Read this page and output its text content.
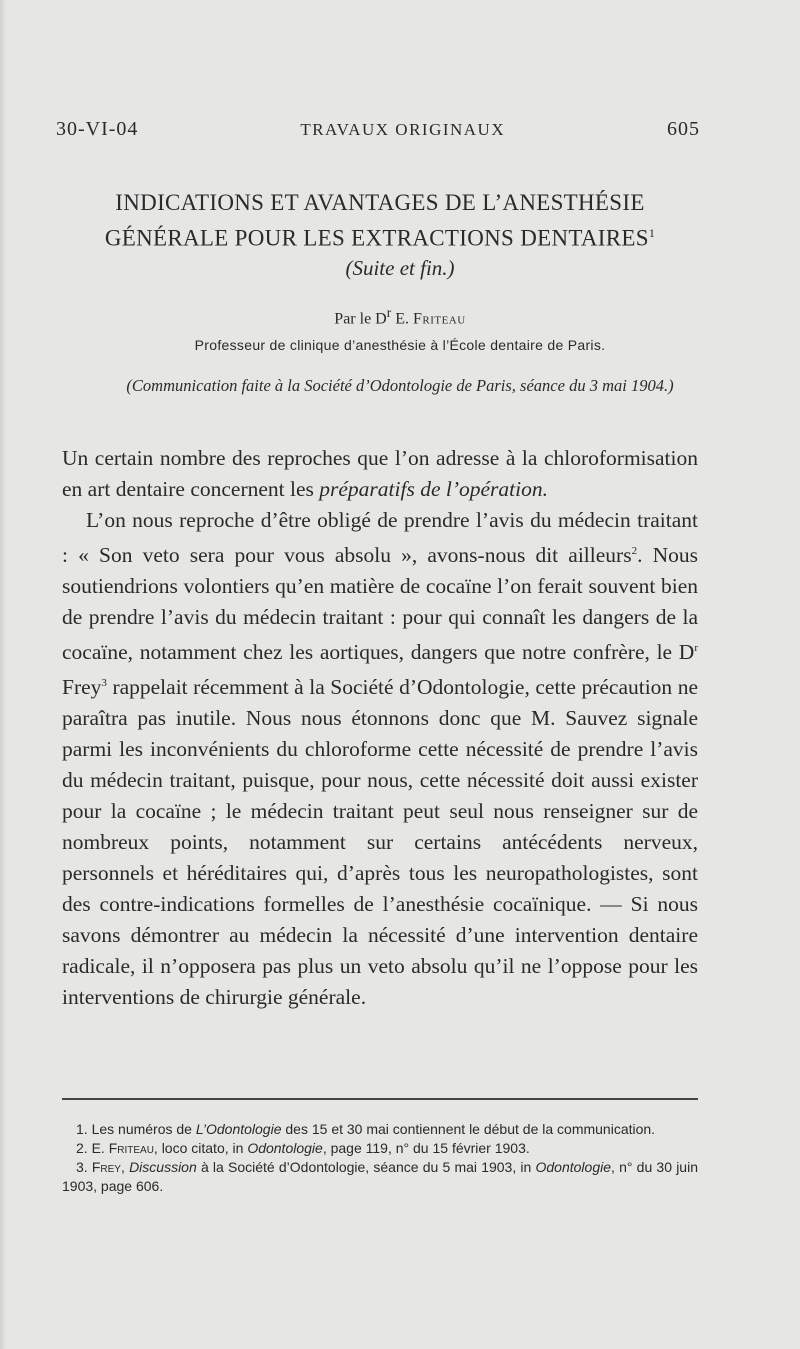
30-VI-04	TRAVAUX ORIGINAUX	605
INDICATIONS ET AVANTAGES DE L’ANESTHÉSIE GÉNÉRALE POUR LES EXTRACTIONS DENTAIRES$^1$
(Suite et fin.)
Par le $D^r$ E. Friteau
Professeur de clinique d’anesthésie à l’École dentaire de Paris.
(Communication faite à la Société d’Odontologie de Paris, séance du 3 mai 1904.)

Un certain nombre des reproches que l’on adresse à la chloroformisation en art dentaire concernent les préparatifs de l’opération.

L’on nous reproche d’être obligé de prendre l’avis du médecin traitant : « Son veto sera pour vous absolu », avons-nous dit ailleurs$^2$. Nous soutiendrions volontiers qu’en matière de cocaïne l’on ferait souvent bien de prendre l’avis du médecin traitant : pour qui connaît les dangers de la cocaïne, notamment chez les aortiques, dangers que notre confrère, le $D^r$ Frey$^3$ rappelait récemment à la Société d’Odontologie, cette précaution ne paraîtra pas inutile. Nous nous étonnons donc que M. Sauvez signale parmi les inconvénients du chloroforme cette nécessité de prendre l’avis du médecin traitant, puisque, pour nous, cette nécessité doit aussi exister pour la cocaïne ; le médecin traitant peut seul nous renseigner sur de nombreux points, notamment sur certains antécédents nerveux, personnels et héréditaires qui, d’après tous les neuropathologistes, sont des contre-indications formelles de l’anesthésie cocaïnique. — Si nous savons démontrer au médecin la nécessité d’une intervention dentaire radicale, il n’opposera pas plus un veto absolu qu’il ne l’oppose pour les interventions de chirurgie générale.

1. Les numéros de L’Odontologie des 15 et 30 mai contiennent le début de la communication.

2. E. Friteau, loco citato, in Odontologie, page 119, n° du 15 février 1903.

3. Frey, Discussion à la Société d’Odontologie, séance du 5 mai 1903, in Odontologie, n° du 30 juin 1903, page 606.
